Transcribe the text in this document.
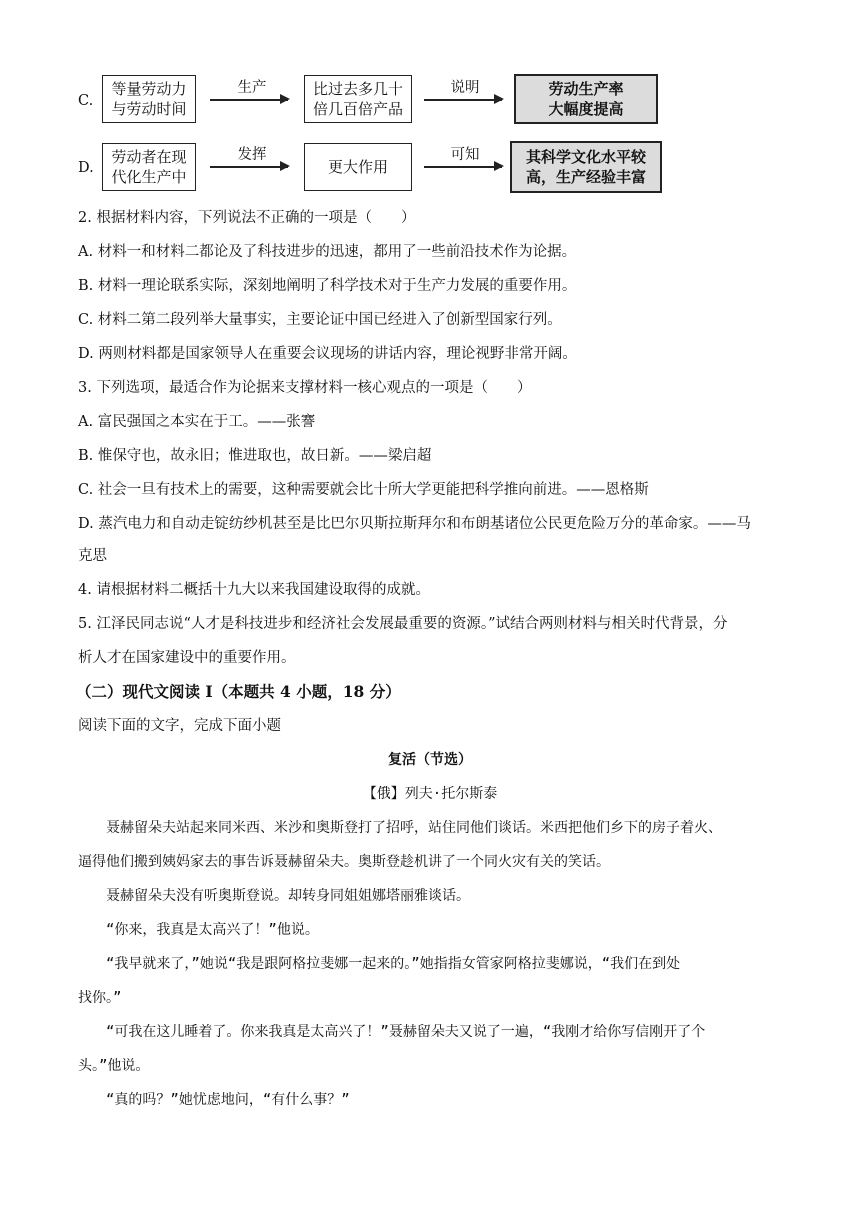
C.
等量劳动力
与劳动时间
生产	比过去多几十
倍几百倍产品
说明	劳动生产率
大幅度提高
D.
劳动者在现
代化生产中
发挥
更大作用
可知	其科学文化水平较
高，生产经验丰富
2. 根据材料内容，下列说法不正确的一项是（　　）
A. 材料一和材料二都论及了科技进步的迅速，都用了一些前沿技术作为论据。
B. 材料一理论联系实际，深刻地阐明了科学技术对于生产力发展的重要作用。
C. 材料二第二段列举大量事实，主要论证中国已经进入了创新型国家行列。
D. 两则材料都是国家领导人在重要会议现场的讲话内容，理论视野非常开阔。
3. 下列选项，最适合作为论据来支撑材料一核心观点的一项是（　　）
A. 富民强国之本实在于工。——张謇
B. 惟保守也，故永旧；惟进取也，故日新。——梁启超
C. 社会一旦有技术上的需要，这种需要就会比十所大学更能把科学推向前进。——恩格斯
D. 蒸汽电力和自动走锭纺纱机甚至是比巴尔贝斯拉斯拜尔和布朗基诸位公民更危险万分的革命家。——马
克思
4. 请根据材料二概括十九大以来我国建设取得的成就。
5. 江泽民同志说“人才是科技进步和经济社会发展最重要的资源。”试结合两则材料与相关时代背景，分
析人才在国家建设中的重要作用。
（二）现代文阅读 I（本题共 4 小题，18 分）
阅读下面的文字，完成下面小题
复活（节选）
【俄】列夫·托尔斯泰
聂赫留朵夫站起来同米西、米沙和奥斯登打了招呼，站住同他们谈话。米西把他们乡下的房子着火、
逼得他们搬到姨妈家去的事告诉聂赫留朵夫。奥斯登趁机讲了一个同火灾有关的笑话。
聂赫留朵夫没有听奥斯登说。却转身同姐姐娜塔丽雅谈话。
“你来，我真是太高兴了！”他说。
“我早就来了，”她说“我是跟阿格拉斐娜一起来的。”她指指女管家阿格拉斐娜说，“我们在到处
找你。”
“可我在这儿睡着了。你来我真是太高兴了！”聂赫留朵夫又说了一遍，“我刚才给你写信刚开了个
头。”他说。
“真的吗？”她忧虑地问，“有什么事？”
